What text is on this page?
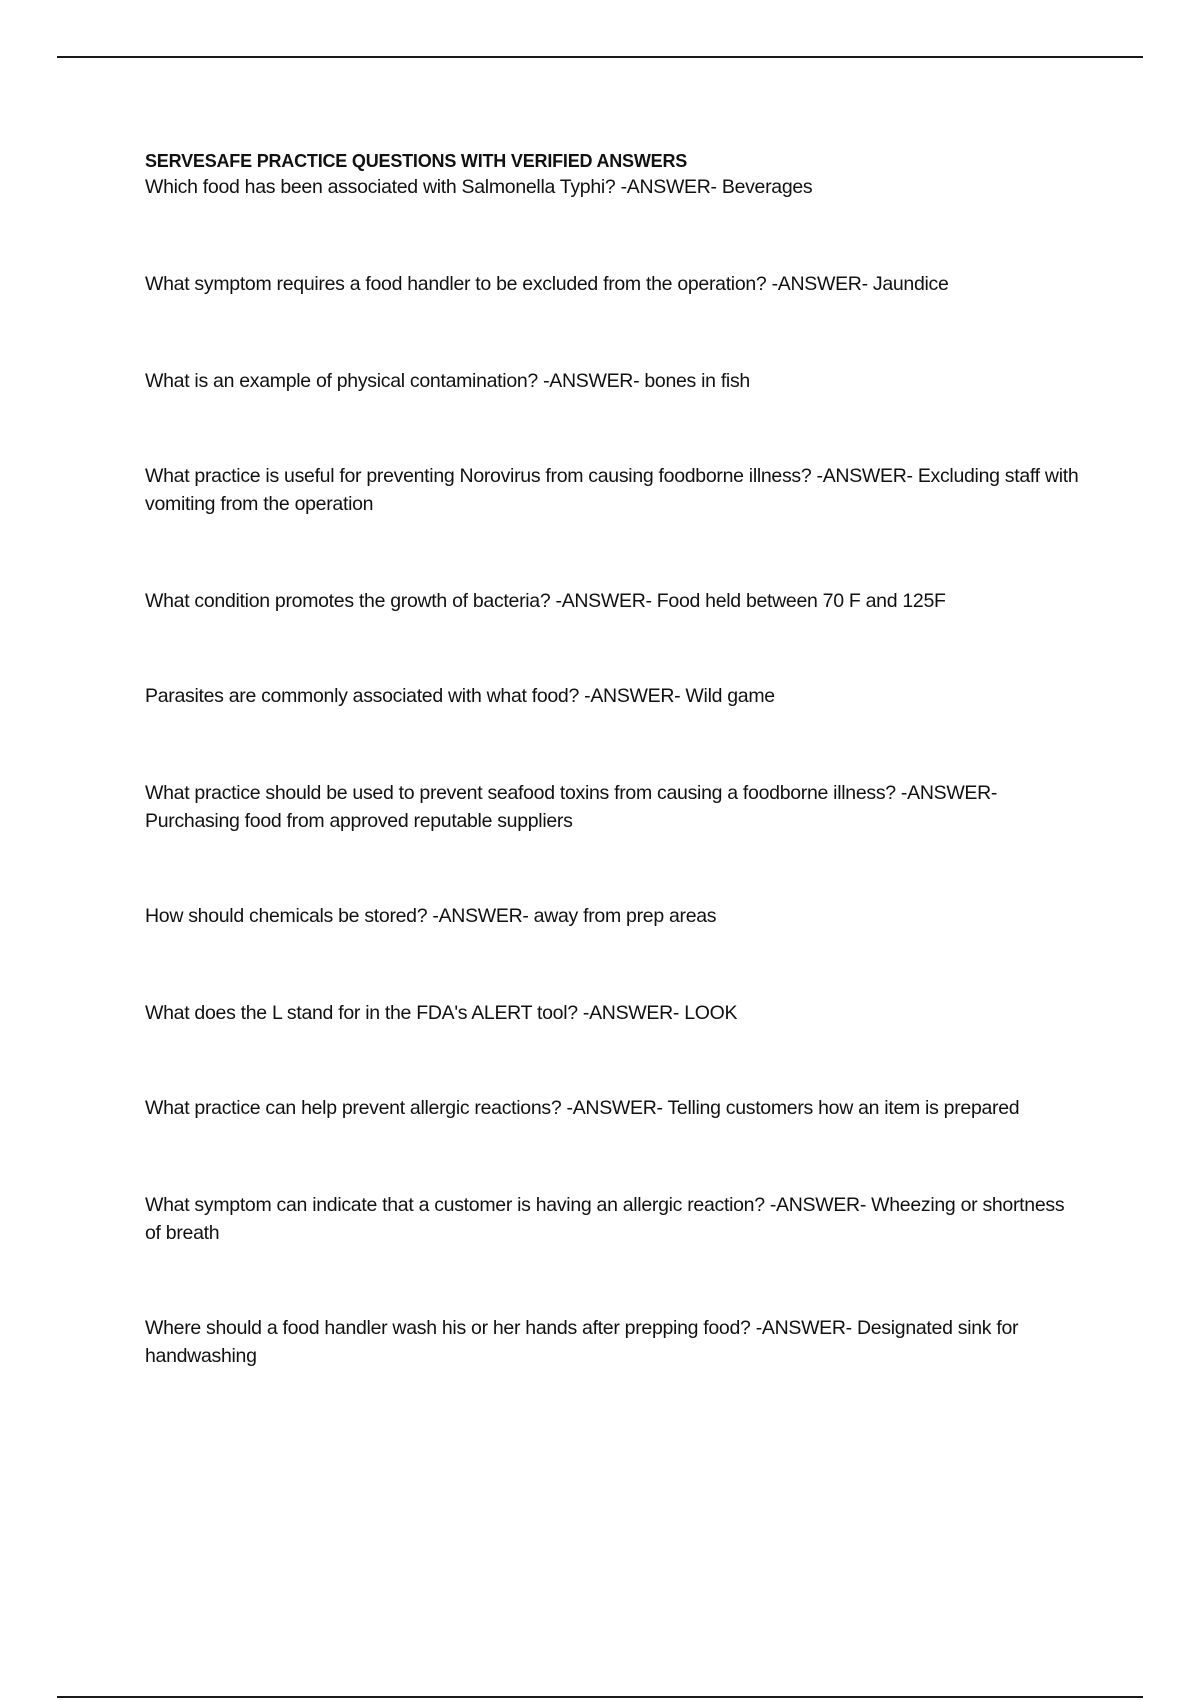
SERVESAFE PRACTICE QUESTIONS WITH VERIFIED ANSWERS

Which food has been associated with Salmonella Typhi? -ANSWER- Beverages

What symptom requires a food handler to be excluded from the operation? -ANSWER- Jaundice

What is an example of physical contamination? -ANSWER- bones in fish

What practice is useful for preventing Norovirus from causing foodborne illness? -ANSWER- Excluding staff with vomiting from the operation

What condition promotes the growth of bacteria? -ANSWER- Food held between 70 F and 125F

Parasites are commonly associated with what food? -ANSWER- Wild game

What practice should be used to prevent seafood toxins from causing a foodborne illness? -ANSWER- Purchasing food from approved reputable suppliers

How should chemicals be stored? -ANSWER- away from prep areas

What does the L stand for in the FDA's ALERT tool? -ANSWER- LOOK

What practice can help prevent allergic reactions? -ANSWER- Telling customers how an item is prepared

What symptom can indicate that a customer is having an allergic reaction? -ANSWER- Wheezing or shortness of breath

Where should a food handler wash his or her hands after prepping food? -ANSWER- Designated sink for handwashing
